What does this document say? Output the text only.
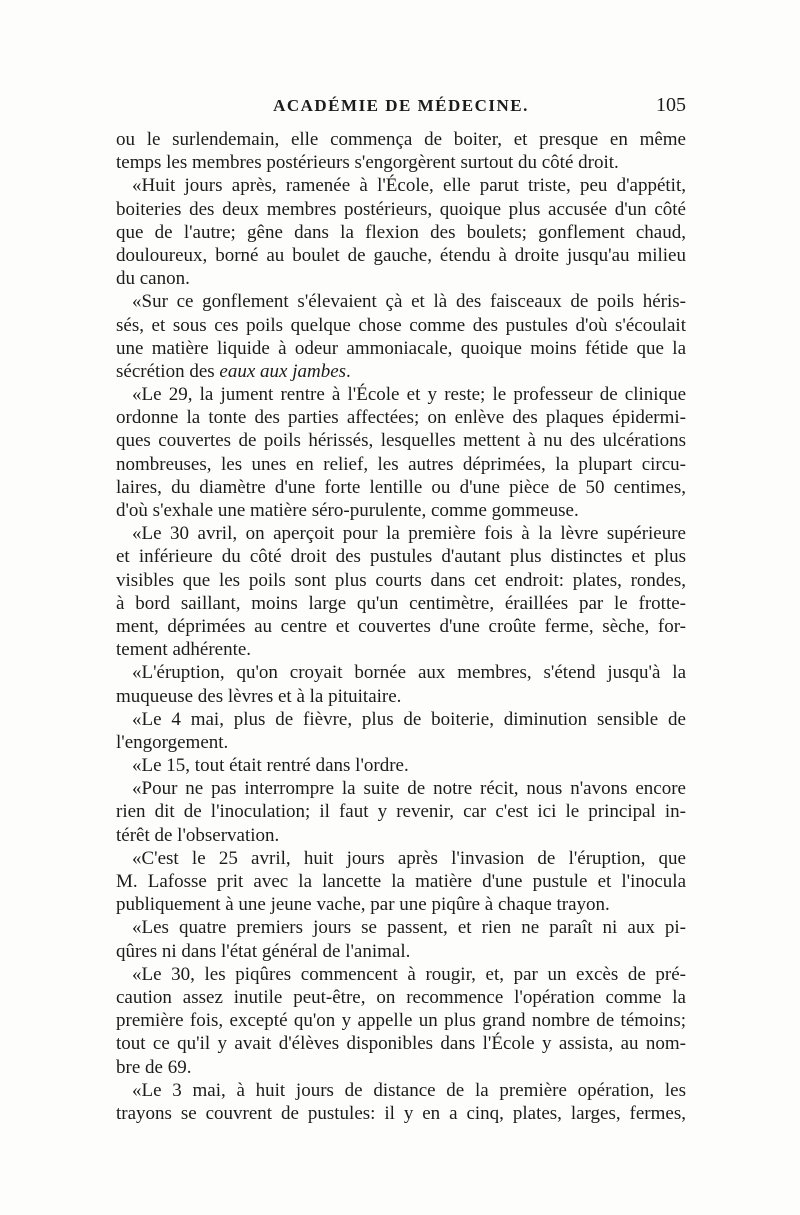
ACADÉMIE DE MÉDECINE.	105
ou le surlendemain, elle commença de boiter, et presque en même
temps les membres postérieurs s'engorgèrent surtout du côté droit.
«Huit jours après, ramenée à l'École, elle parut triste, peu d'appétit,
boiteries des deux membres postérieurs, quoique plus accusée d'un côté
que de l'autre; gêne dans la flexion des boulets; gonflement chaud,
douloureux, borné au boulet de gauche, étendu à droite jusqu'au milieu
du canon.
«Sur ce gonflement s'élevaient çà et là des faisceaux de poils héris-
sés, et sous ces poils quelque chose comme des pustules d'où s'écoulait
une matière liquide à odeur ammoniacale, quoique moins fétide que la
sécrétion des eaux aux jambes.
«Le 29, la jument rentre à l'École et y reste; le professeur de clinique
ordonne la tonte des parties affectées; on enlève des plaques épidermi-
ques couvertes de poils hérissés, lesquelles mettent à nu des ulcérations
nombreuses, les unes en relief, les autres déprimées, la plupart circu-
laires, du diamètre d'une forte lentille ou d'une pièce de 50 centimes,
d'où s'exhale une matière séro-purulente, comme gommeuse.
«Le 30 avril, on aperçoit pour la première fois à la lèvre supérieure
et inférieure du côté droit des pustules d'autant plus distinctes et plus
visibles que les poils sont plus courts dans cet endroit: plates, rondes,
à bord saillant, moins large qu'un centimètre, éraillées par le frotte-
ment, déprimées au centre et couvertes d'une croûte ferme, sèche, for-
tement adhérente.
«L'éruption, qu'on croyait bornée aux membres, s'étend jusqu'à la
muqueuse des lèvres et à la pituitaire.
«Le 4 mai, plus de fièvre, plus de boiterie, diminution sensible de
l'engorgement.
«Le 15, tout était rentré dans l'ordre.
«Pour ne pas interrompre la suite de notre récit, nous n'avons encore
rien dit de l'inoculation; il faut y revenir, car c'est ici le principal in-
térêt de l'observation.
«C'est le 25 avril, huit jours après l'invasion de l'éruption, que
M. Lafosse prit avec la lancette la matière d'une pustule et l'inocula
publiquement à une jeune vache, par une piqûre à chaque trayon.
«Les quatre premiers jours se passent, et rien ne paraît ni aux pi-
qûres ni dans l'état général de l'animal.
«Le 30, les piqûres commencent à rougir, et, par un excès de pré-
caution assez inutile peut-être, on recommence l'opération comme la
première fois, excepté qu'on y appelle un plus grand nombre de témoins;
tout ce qu'il y avait d'élèves disponibles dans l'École y assista, au nom-
bre de 69.
«Le 3 mai, à huit jours de distance de la première opération, les
trayons se couvrent de pustules: il y en a cinq, plates, larges, fermes,
